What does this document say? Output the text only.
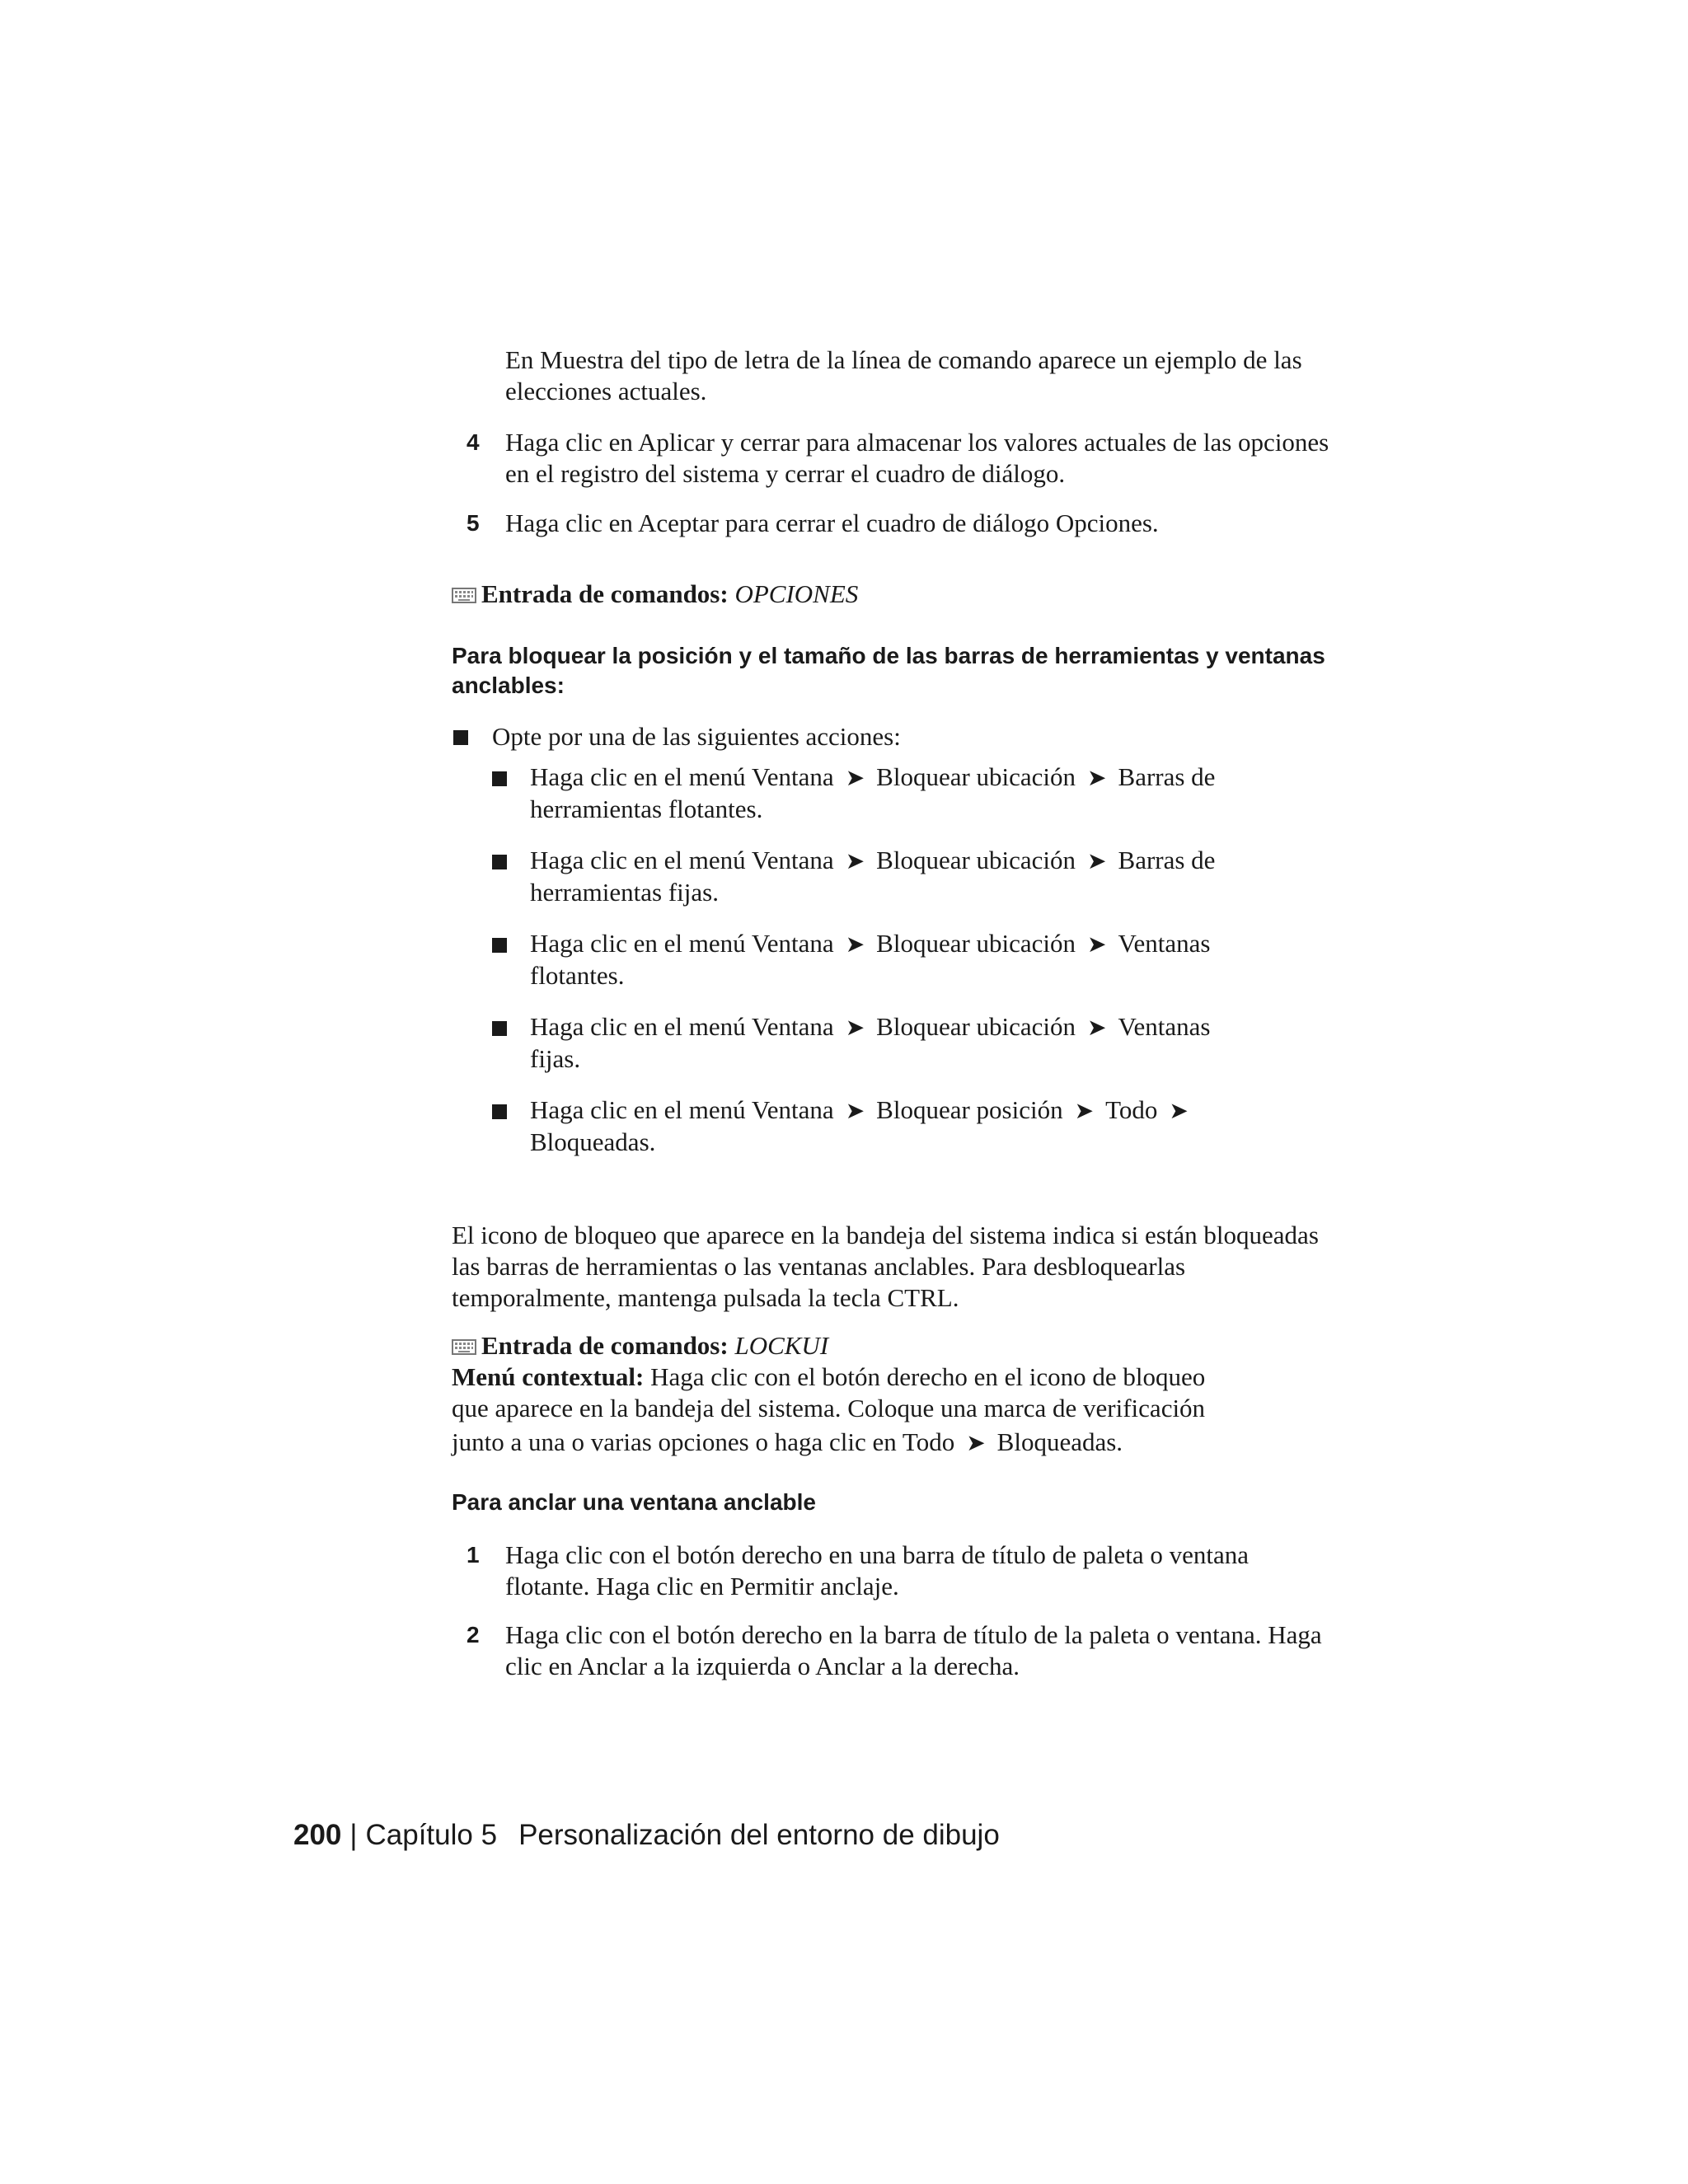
En Muestra del tipo de letra de la línea de comando aparece un ejemplo de las elecciones actuales.
4 Haga clic en Aplicar y cerrar para almacenar los valores actuales de las opciones en el registro del sistema y cerrar el cuadro de diálogo.
5 Haga clic en Aceptar para cerrar el cuadro de diálogo Opciones.
Entrada de comandos: OPCIONES
Para bloquear la posición y el tamaño de las barras de herramientas y ventanas anclables:
Opte por una de las siguientes acciones:
Haga clic en el menú Ventana ➤ Bloquear ubicación ➤ Barras de
herramientas flotantes.
Haga clic en el menú Ventana ➤ Bloquear ubicación ➤ Barras de
herramientas fijas.
Haga clic en el menú Ventana ➤ Bloquear ubicación ➤ Ventanas
flotantes.
Haga clic en el menú Ventana ➤ Bloquear ubicación ➤ Ventanas
fijas.
Haga clic en el menú Ventana ➤ Bloquear posición ➤ Todo ➤
Bloqueadas.
El icono de bloqueo que aparece en la bandeja del sistema indica si están bloqueadas las barras de herramientas o las ventanas anclables. Para desbloquearlas temporalmente, mantenga pulsada la tecla CTRL.
Entrada de comandos: LOCKUI
Menú contextual: Haga clic con el botón derecho en el icono de bloqueo
que aparece en la bandeja del sistema. Coloque una marca de verificación
junto a una o varias opciones o haga clic en Todo ➤ Bloqueadas.
Para anclar una ventana anclable
1 Haga clic con el botón derecho en una barra de título de paleta o ventana flotante. Haga clic en Permitir anclaje.
2 Haga clic con el botón derecho en la barra de título de la paleta o ventana. Haga clic en Anclar a la izquierda o Anclar a la derecha.
200 | Capítulo 5 Personalización del entorno de dibujo
